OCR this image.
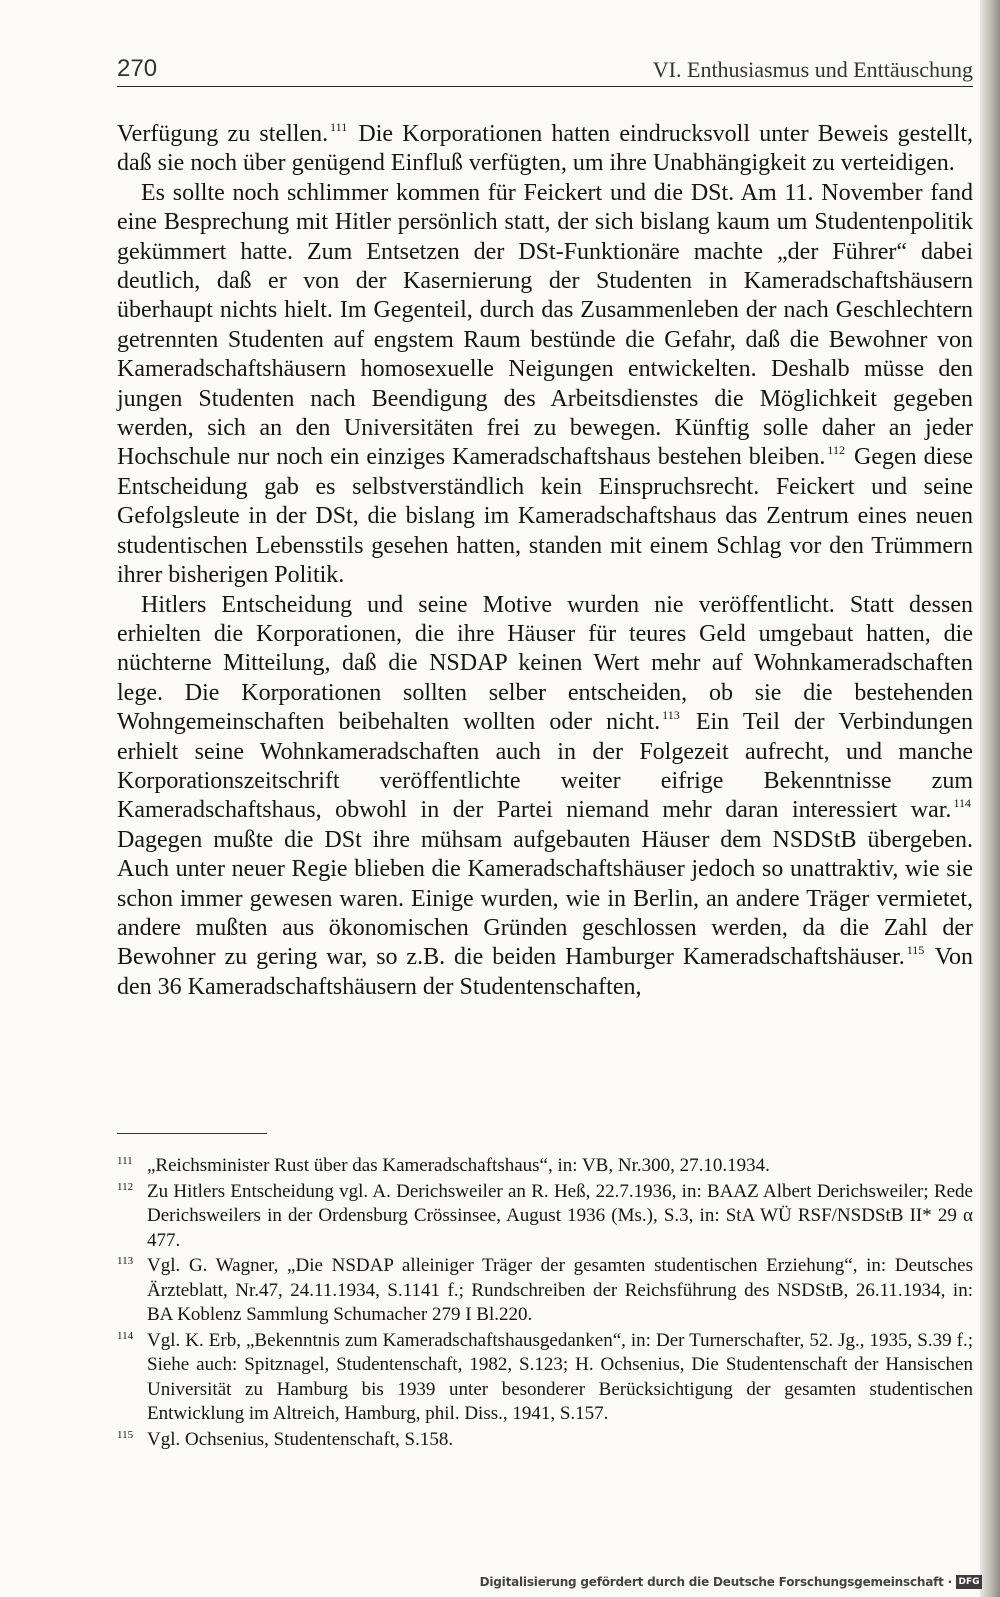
270	VI. Enthusiasmus und Enttäuschung

Verfügung zu stellen. $^{111}$ Die Korporationen hatten eindrucksvoll unter Beweis gestellt, daß sie noch über genügend Einfluß verfügten, um ihre Unabhängigkeit zu verteidigen.

Es sollte noch schlimmer kommen für Feickert und die DSt. Am 11. November fand eine Besprechung mit Hitler persönlich statt, der sich bislang kaum um Studentenpolitik gekümmert hatte. Zum Entsetzen der DSt-Funktionäre machte „der Führer“ dabei deutlich, daß er von der Kasernierung der Studenten in Kameradschaftshäusern überhaupt nichts hielt. Im Gegenteil, durch das Zusammenleben der nach Geschlechtern getrennten Studenten auf engstem Raum bestünde die Gefahr, daß die Bewohner von Kameradschaftshäusern homosexuelle Neigungen entwickelten. Deshalb müsse den jungen Studenten nach Beendigung des Arbeitsdienstes die Möglichkeit gegeben werden, sich an den Universitäten frei zu bewegen. Künftig solle daher an jeder Hochschule nur noch ein einziges Kameradschaftshaus bestehen bleiben. $^{112}$ Gegen diese Entscheidung gab es selbstverständlich kein Einspruchsrecht. Feickert und seine Gefolgsleute in der DSt, die bislang im Kameradschaftshaus das Zentrum eines neuen studentischen Lebensstils gesehen hatten, standen mit einem Schlag vor den Trümmern ihrer bisherigen Politik.

Hitlers Entscheidung und seine Motive wurden nie veröffentlicht. Statt dessen erhielten die Korporationen, die ihre Häuser für teures Geld umgebaut hatten, die nüchterne Mitteilung, daß die NSDAP keinen Wert mehr auf Wohnkameradschaften lege. Die Korporationen sollten selber entscheiden, ob sie die bestehenden Wohngemeinschaften beibehalten wollten oder nicht. $^{113}$ Ein Teil der Verbindungen erhielt seine Wohnkameradschaften auch in der Folgezeit aufrecht, und manche Korporationszeitschrift veröffentlichte weiter eifrige Bekenntnisse zum Kameradschaftshaus, obwohl in der Partei niemand mehr daran interessiert war. $^{114}$ Dagegen mußte die DSt ihre mühsam aufgebauten Häuser dem NSDStB übergeben. Auch unter neuer Regie blieben die Kameradschaftshäuser jedoch so unattraktiv, wie sie schon immer gewesen waren. Einige wurden, wie in Berlin, an andere Träger vermietet, andere mußten aus ökonomischen Gründen geschlossen werden, da die Zahl der Bewohner zu gering war, so z.B. die beiden Hamburger Kameradschaftshäuser. $^{115}$ Von den 36 Kameradschaftshäusern der Studentenschaften,

111 „Reichsminister Rust über das Kameradschaftshaus“, in: VB, Nr.300, 27.10.1934.
112 Zu Hitlers Entscheidung vgl. A. Derichsweiler an R. Heß, 22.7.1936, in: BAAZ Albert Derichsweiler; Rede Derichsweilers in der Ordensburg Crössinsee, August 1936 (Ms.), S.3, in: StA WÜ RSF/NSDStB II* 29 α 477.
113 Vgl. G. Wagner, „Die NSDAP alleiniger Träger der gesamten studentischen Erziehung“, in: Deutsches Ärzteblatt, Nr.47, 24.11.1934, S.1141 f.; Rundschreiben der Reichsführung des NSDStB, 26.11.1934, in: BA Koblenz Sammlung Schumacher 279 I Bl.220.
114 Vgl. K. Erb, „Bekenntnis zum Kameradschaftshausgedanken“, in: Der Turnerschafter, 52. Jg., 1935, S.39 f.; Siehe auch: Spitznagel, Studentenschaft, 1982, S.123; H. Ochsenius, Die Studentenschaft der Hansischen Universität zu Hamburg bis 1939 unter besonderer Berücksichtigung der gesamten studentischen Entwicklung im Altreich, Hamburg, phil. Diss., 1941, S.157.
115 Vgl. Ochsenius, Studentenschaft, S.158.
Digitalisierung gefördert durch die Deutsche Forschungsgemeinschaft · DFG
